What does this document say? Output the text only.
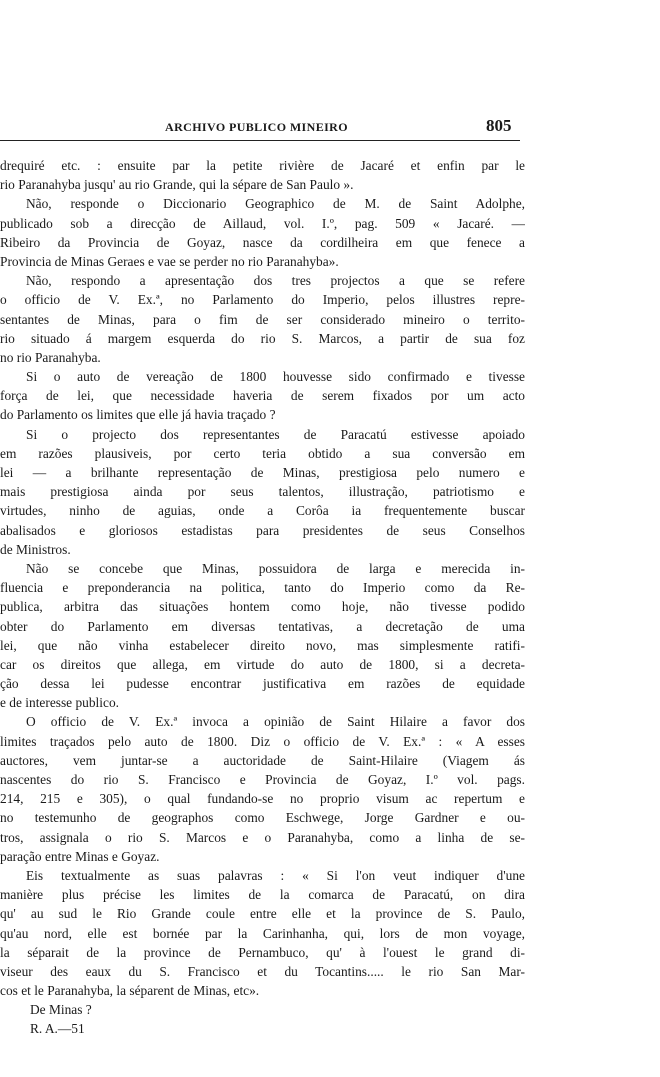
ARCHIVO PUBLICO MINEIRO	805
drequiré etc. : ensuite par la petite rivière de Jacaré et enfin par le
rio Paranahyba jusqu' au rio Grande, qui la sépare de San Paulo ».
Não, responde o Diccionario Geographico de M. de Saint Adolphe,
publicado sob a direcção de Aillaud, vol. I.º, pag. 509 « Jacaré. —
Ribeiro da Provincia de Goyaz, nasce da cordilheira em que fenece a
Provincia de Minas Geraes e vae se perder no rio Paranahyba».
Não, respondo a apresentação dos tres projectos a que se refere
o officio de V. Ex.ª, no Parlamento do Imperio, pelos illustres repre-
sentantes de Minas, para o fim de ser considerado mineiro o territo-
rio situado á margem esquerda do rio S. Marcos, a partir de sua foz
no rio Paranahyba.
Si o auto de vereação de 1800 houvesse sido confirmado e tivesse
força de lei, que necessidade haveria de serem fixados por um acto
do Parlamento os limites que elle já havia traçado ?
Si o projecto dos representantes de Paracatú estivesse apoiado
em razões plausiveis, por certo teria obtido a sua conversão em
lei — a brilhante representação de Minas, prestigiosa pelo numero e
mais prestigiosa ainda por seus talentos, illustração, patriotismo e
virtudes, ninho de aguias, onde a Corôa ia frequentemente buscar
abalisados e gloriosos estadistas para presidentes de seus Conselhos
de Ministros.
Não se concebe que Minas, possuidora de larga e merecida in-
fluencia e preponderancia na politica, tanto do Imperio como da Re-
publica, arbitra das situações hontem como hoje, não tivesse podido
obter do Parlamento em diversas tentativas, a decretação de uma
lei, que não vinha estabelecer direito novo, mas simplesmente ratifi-
car os direitos que allega, em virtude do auto de 1800, si a decreta-
ção dessa lei pudesse encontrar justificativa em razões de equidade
e de interesse publico.
O officio de V. Ex.ª invoca a opinião de Saint Hilaire a favor dos
limites traçados pelo auto de 1800. Diz o officio de V. Ex.ª : « A esses
auctores, vem juntar-se a auctoridade de Saint-Hilaire (Viagem ás
nascentes do rio S. Francisco e Provincia de Goyaz, I.º vol. pags.
214, 215 e 305), o qual fundando-se no proprio visum ac repertum e
no testemunho de geographos como Eschwege, Jorge Gardner e ou-
tros, assignala o rio S. Marcos e o Paranahyba, como a linha de se-
paração entre Minas e Goyaz.
Eis textualmente as suas palavras : « Si l'on veut indiquer d'une
manière plus précise les limites de la comarca de Paracatú, on dira
qu' au sud le Rio Grande coule entre elle et la province de S. Paulo,
qu'au nord, elle est bornée par la Carinhanha, qui, lors de mon voyage,
la séparait de la province de Pernambuco, qu' à l'ouest le grand di-
viseur des eaux du S. Francisco et du Tocantins..... le rio San Mar-
cos et le Paranahyba, la séparent de Minas, etc».
De Minas ?
R. A.—51
